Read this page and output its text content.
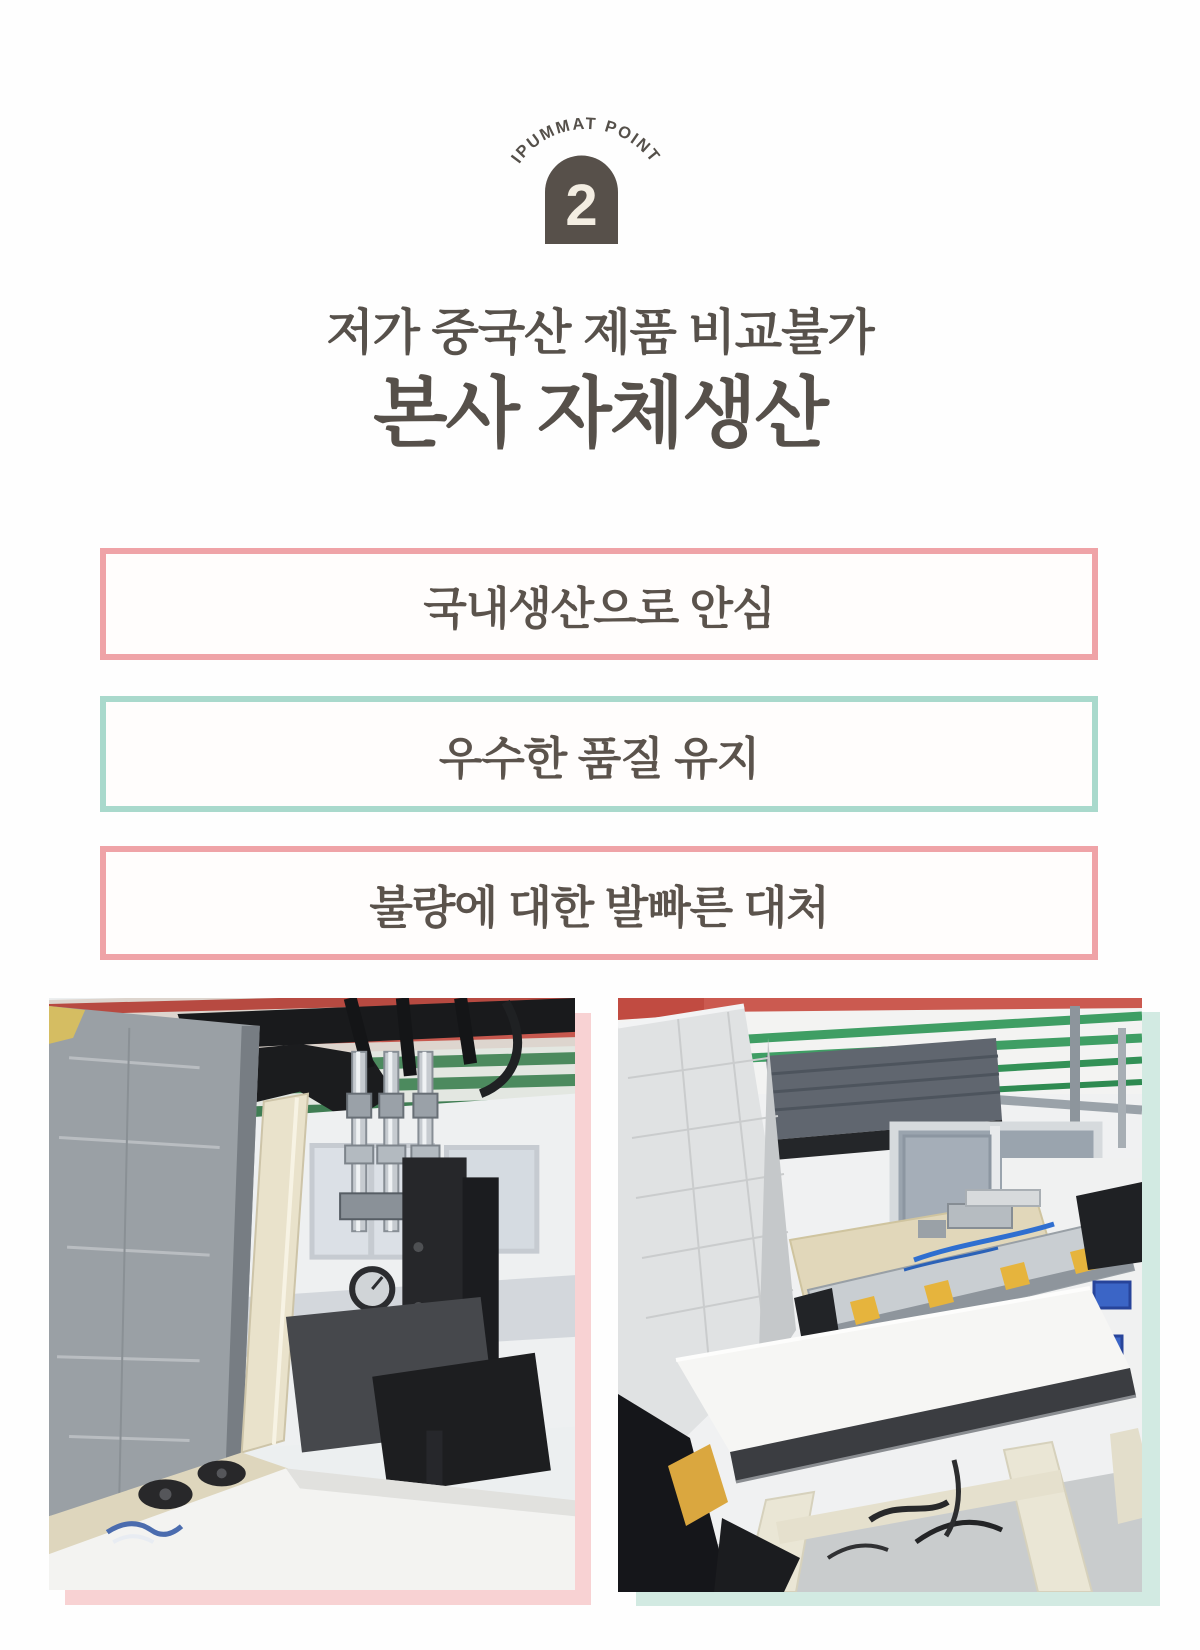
IPUMMAT POINT
2
저가 중국산 제품 비교불가
본사 자체생산
국내생산으로 안심
우수한 품질 유지
불량에 대한 발빠른 대처
